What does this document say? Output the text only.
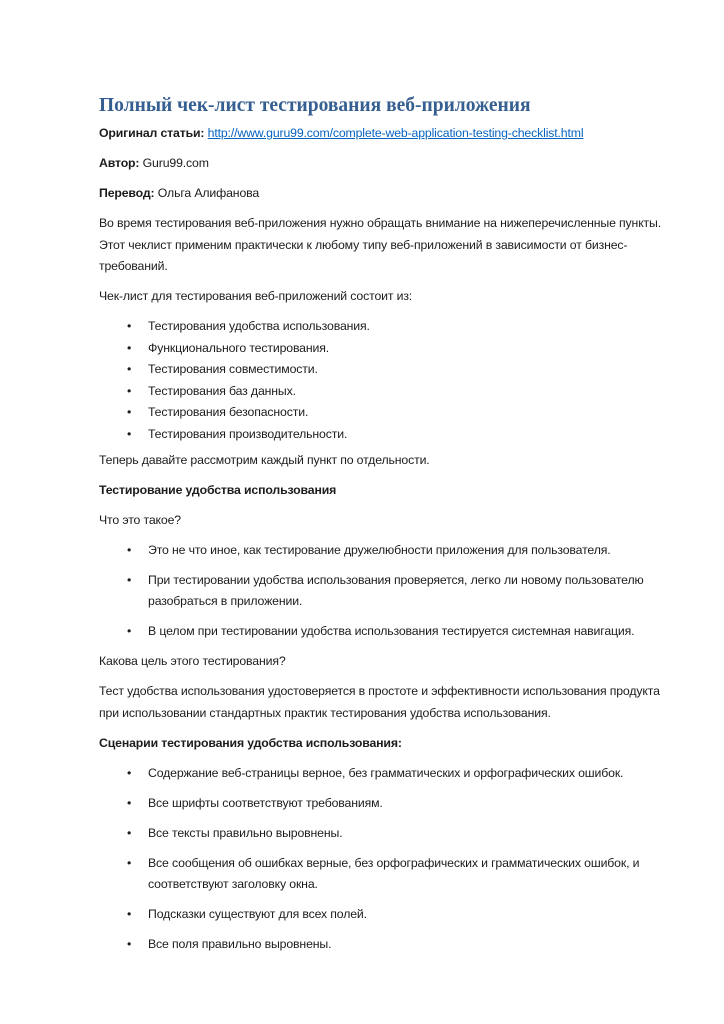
Полный чек-лист тестирования веб-приложения

Оригинал статьи: http://www.guru99.com/complete-web-application-testing-checklist.html

Автор: Guru99.com

Перевод: Ольга Алифанова

Во время тестирования веб-приложения нужно обращать внимание на нижеперечисленные пункты. Этот чеклист применим практически к любому типу веб-приложений в зависимости от бизнес-требований.

Чек-лист для тестирования веб-приложений состоит из:

• Тестирования удобства использования.
• Функционального тестирования.
• Тестирования совместимости.
• Тестирования баз данных.
• Тестирования безопасности.
• Тестирования производительности.

Теперь давайте рассмотрим каждый пункт по отдельности.

Тестирование удобства использования

Что это такое?

• Это не что иное, как тестирование дружелюбности приложения для пользователя.
• При тестировании удобства использования проверяется, легко ли новому пользователю разобраться в приложении.
• В целом при тестировании удобства использования тестируется системная навигация.

Какова цель этого тестирования?

Тест удобства использования удостоверяется в простоте и эффективности использования продукта при использовании стандартных практик тестирования удобства использования.

Сценарии тестирования удобства использования:

• Содержание веб-страницы верное, без грамматических и орфографических ошибок.
• Все шрифты соответствуют требованиям.
• Все тексты правильно выровнены.
• Все сообщения об ошибках верные, без орфографических и грамматических ошибок, и соответствуют заголовку окна.
• Подсказки существуют для всех полей.
• Все поля правильно выровнены.
